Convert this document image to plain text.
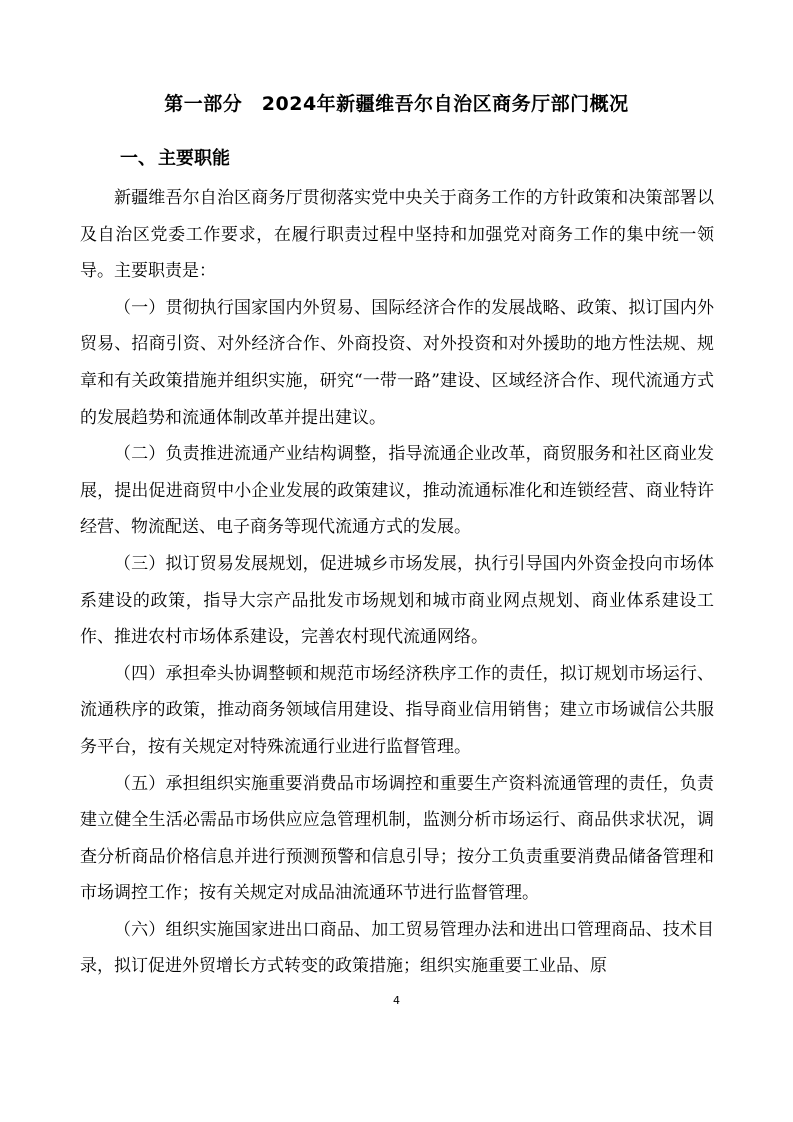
第一部分　2024年新疆维吾尔自治区商务厅部门概况
一、 主要职能

新疆维吾尔自治区商务厅贯彻落实党中央关于商务工作的方针政策和决策部署以及自治区党委工作要求，在履行职责过程中坚持和加强党对商务工作的集中统一领导。主要职责是：

（一）贯彻执行国家国内外贸易、国际经济合作的发展战略、政策、拟订国内外贸易、招商引资、对外经济合作、外商投资、对外投资和对外援助的地方性法规、规章和有关政策措施并组织实施，研究“一带一路”建设、区域经济合作、现代流通方式的发展趋势和流通体制改革并提出建议。

（二）负责推进流通产业结构调整，指导流通企业改革，商贸服务和社区商业发展，提出促进商贸中小企业发展的政策建议，推动流通标准化和连锁经营、商业特许经营、物流配送、电子商务等现代流通方式的发展。

（三）拟订贸易发展规划，促进城乡市场发展，执行引导国内外资金投向市场体系建设的政策，指导大宗产品批发市场规划和城市商业网点规划、商业体系建设工作、推进农村市场体系建设，完善农村现代流通网络。

（四）承担牵头协调整顿和规范市场经济秩序工作的责任，拟订规划市场运行、流通秩序的政策，推动商务领域信用建设、指导商业信用销售；建立市场诚信公共服务平台，按有关规定对特殊流通行业进行监督管理。

（五）承担组织实施重要消费品市场调控和重要生产资料流通管理的责任，负责建立健全生活必需品市场供应应急管理机制，监测分析市场运行、商品供求状况，调查分析商品价格信息并进行预测预警和信息引导；按分工负责重要消费品储备管理和市场调控工作；按有关规定对成品油流通环节进行监督管理。

（六）组织实施国家进出口商品、加工贸易管理办法和进出口管理商品、技术目录，拟订促进外贸增长方式转变的政策措施；组织实施重要工业品、原

4
